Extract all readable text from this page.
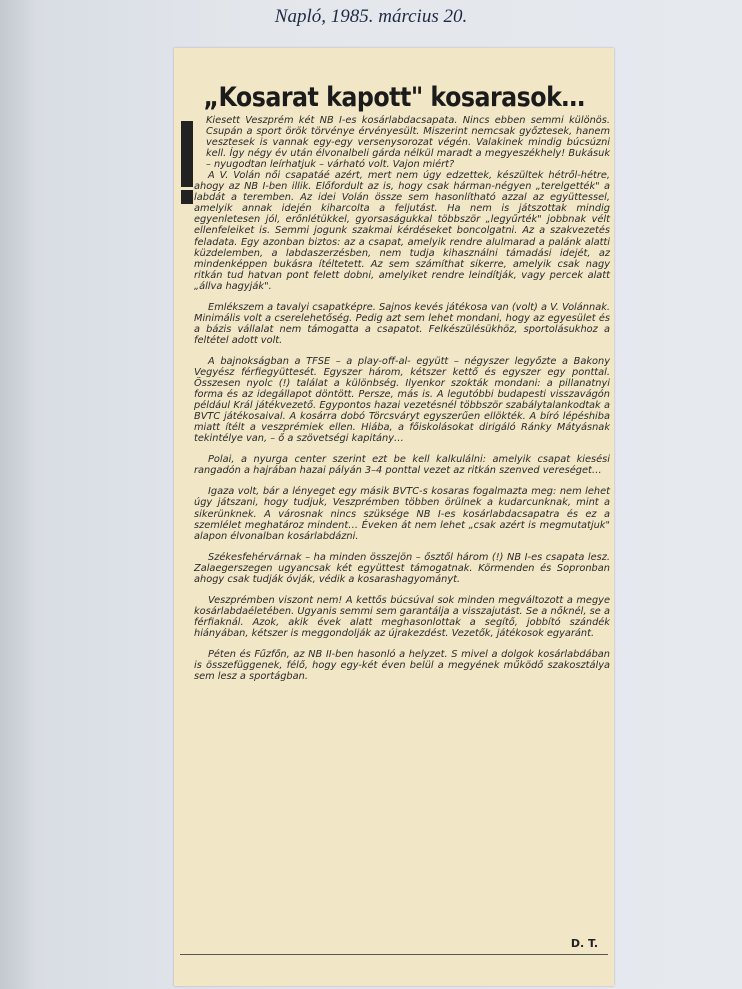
Napló, 1985. március 20.
„Kosarat kapott" kosarasok…

Kiesett Veszprém két NB I-es kosárlabdacsapata. Nincs ebben semmi különös. Csupán a sport örök törvénye érvényesült. Miszerint nemcsak győztesek, hanem vesztesek is vannak egy-egy versenysorozat végén. Valakinek mindig búcsúzni kell. Így négy év után élvonalbeli gárda nélkül maradt a megyeszékhely! Bukásuk – nyugodtan leírhatjuk – várható volt. Vajon miért?

A V. Volán női csapatáé azért, mert nem úgy edzettek, készültek hétről-hétre, ahogy az NB I-ben illik. Előfordult az is, hogy csak hárman-négyen „terelgették" a labdát a teremben. Az idei Volán össze sem hasonlítható azzal az együttessel, amelyik annak idején kiharcolta a feljutást. Ha nem is játszottak mindig egyenletesen jól, erőnlétükkel, gyorsaságukkal többször „legyűrték" jobbnak vélt ellenfeleiket is. Semmi jogunk szakmai kérdéseket boncolgatni. Az a szakvezetés feladata. Egy azonban biztos: az a csapat, amelyik rendre alulmarad a palánk alatti küzdelemben, a labdaszerzésben, nem tudja kihasználni támadási idejét, az mindenképpen bukásra ítéltetett. Az sem számíthat sikerre, amelyik csak nagy ritkán tud hatvan pont felett dobni, amelyiket rendre leindítják, vagy percek alatt „állva hagyják".

Emlékszem a tavalyi csapatképre. Sajnos kevés játékosa van (volt) a V. Volánnak. Minimális volt a cserelehetőség. Pedig azt sem lehet mondani, hogy az egyesület és a bázis vállalat nem támogatta a csapatot. Felkészülésükhöz, sportolásukhoz a feltétel adott volt.

A bajnokságban a TFSE – a play-off-al- együtt – négyszer legyőzte a Bakony Vegyész férfiegyüttesét. Egyszer három, kétszer kettő és egyszer egy ponttal. Összesen nyolc (!) találat a különbség. Ilyenkor szokták mondani: a pillanatnyi forma és az idegállapot döntött. Persze, más is. A legutóbbi budapesti visszavágón például Král játékvezető. Egypontos hazai vezetésnél többször szabálytalankodtak a BVTC játékosaival. A kosárra dobó Törcsváryt egyszerűen ellökték. A bíró lépéshiba miatt ítélt a veszprémiek ellen. Hiába, a főiskolásokat dirigáló Ránky Mátyásnak tekintélye van, – ő a szövetségi kapitány…

Polai, a nyurga center szerint ezt be kell kalkulálni: amelyik csapat kiesési rangadón a hajrában hazai pályán 3–4 ponttal vezet az ritkán szenved vereséget…

Igaza volt, bár a lényeget egy másik BVTC-s kosaras fogalmazta meg: nem lehet úgy játszani, hogy tudjuk, Veszprémben többen örülnek a kudarcunknak, mint a sikerünknek. A városnak nincs szüksége NB I-es kosárlabdacsapatra és ez a szemlélet meghatároz mindent… Éveken át nem lehet „csak azért is megmutatjuk" alapon élvonalban kosárlabdázni.

Székesfehérvárnak – ha minden összejön – ősztől három (!) NB I-es csapata lesz. Zalaegerszegen ugyancsak két együttest támogatnak. Körmenden és Sopronban ahogy csak tudják óvják, védik a kosarashagyományt.

Veszprémben viszont nem! A kettős búcsúval sok minden megváltozott a megye kosárlabdaéletében. Ugyanis semmi sem garantálja a visszajutást. Se a nőknél, se a férfiaknál. Azok, akik évek alatt meghasonlottak a segítő, jobbító szándék hiányában, kétszer is meggondolják az újrakezdést. Vezetők, játékosok egyaránt.

Péten és Fűzfőn, az NB II-ben hasonló a helyzet. S mivel a dolgok kosárlabdában is összefüggenek, félő, hogy egy-két éven belül a megyének működő szakosztálya sem lesz a sportágban.

D. T.
